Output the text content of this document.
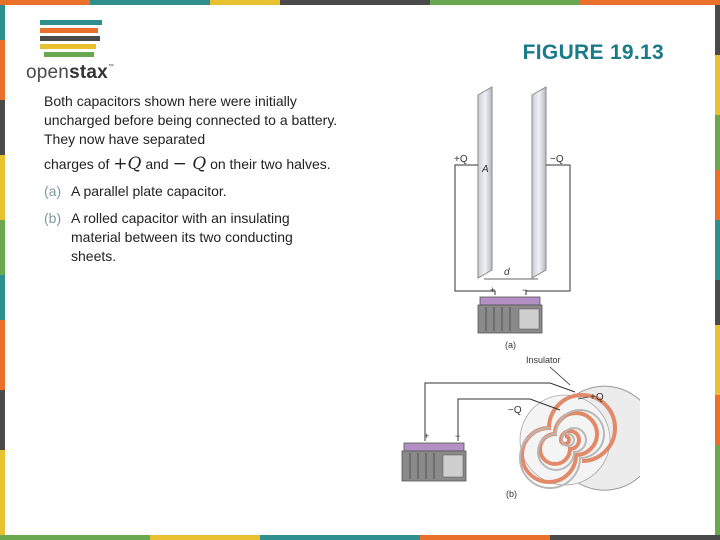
openstax™
FIGURE 19.13

Both capacitors shown here were initially uncharged before being connected to a battery. They now have separated

charges of +Q and − Q on their two halves.

(a) A parallel plate capacitor.
(b) A rolled capacitor with an insulating material between its two conducting sheets.
A
+Q	−Q
d
+	−
(a)
Insulator
+Q
−Q
+	−
(b)
